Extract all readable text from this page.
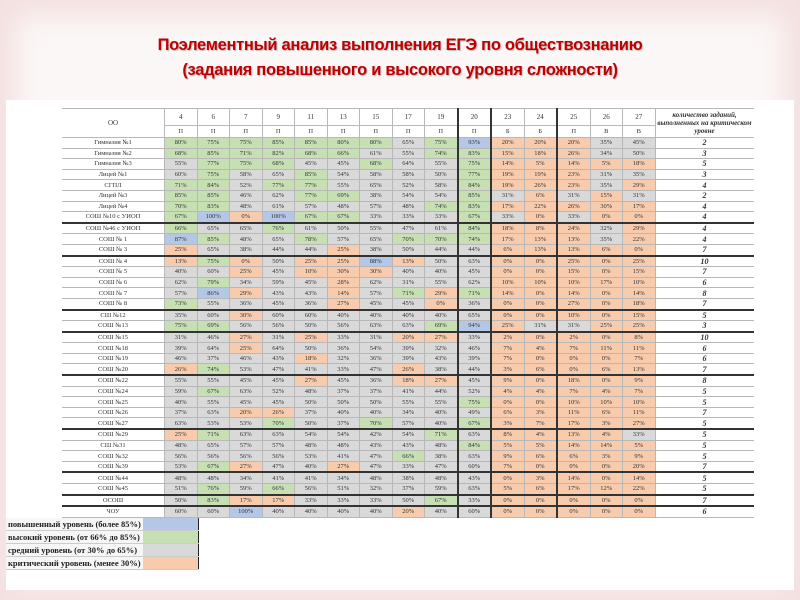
Поэлементный анализ выполнения ЕГЭ по обществознанию
(задания повышенного и высокого уровня сложности)
ОО	4	6	7	9	11	13	15	17	19	20	23	24	25	26	27	количество заданий, выполненных на критическом уровне
	П	П	П	П	П	П	П	П	П	П	Б	Б	П	В	В	
Гимназия №1	80%	75%	75%	85%	85%	80%	80%	65%	75%	93%	20%	20%	20%	35%	45%	2
Гимназия №2	68%	85%	71%	82%	68%	66%	61%	55%	74%	83%	15%	18%	26%	34%	50%	3
Гимназия №3	55%	77%	75%	68%	45%	45%	68%	64%	55%	75%	14%	5%	14%	5%	18%	5
Лицей №1	60%	75%	58%	65%	85%	54%	58%	58%	50%	77%	19%	19%	23%	31%	35%	3
СГПЛ	71%	84%	52%	77%	77%	55%	65%	52%	58%	84%	19%	26%	23%	35%	29%	4
Лицей №3	85%	85%	46%	62%	77%	69%	38%	54%	54%	85%	31%	6%	31%	15%	31%	2
Лицей №4	70%	83%	48%	61%	57%	48%	57%	48%	74%	83%	17%	22%	26%	30%	17%	4
СОШ №10 с УИОП	67%	100%	0%	100%	67%	67%	33%	33%	33%	67%	33%	0%	33%	0%	0%	4
СОШ №46 с УИОП	66%	65%	65%	76%	61%	50%	55%	47%	61%	84%	18%	8%	24%	32%	29%	4
СОШ № 1	87%	85%	48%	65%	78%	57%	65%	70%	70%	74%	17%	13%	13%	35%	22%	4
СОШ № 3	25%	65%	38%	44%	44%	25%	38%	50%	44%	44%	6%	13%	13%	6%	0%	7
СОШ № 4	13%	75%	0%	50%	25%	25%	88%	13%	50%	63%	0%	0%	25%	0%	25%	10
СОШ № 5	40%	60%	25%	45%	10%	30%	30%	40%	40%	45%	0%	0%	15%	0%	15%	7
СОШ № 6	62%	79%	34%	59%	45%	28%	62%	31%	55%	62%	10%	10%	10%	17%	10%	6
СОШ № 7	57%	86%	29%	43%	43%	14%	57%	71%	29%	71%	14%	0%	14%	0%	14%	8
СОШ № 8	73%	55%	36%	45%	36%	27%	45%	45%	0%	36%	0%	0%	27%	0%	18%	7
СШ №12	35%	60%	30%	60%	60%	40%	40%	40%	40%	65%	0%	0%	10%	0%	15%	5
СОШ №13	75%	69%	56%	56%	50%	56%	63%	63%	69%	94%	25%	31%	31%	25%	25%	3
СОШ №15	31%	46%	27%	31%	25%	33%	31%	20%	27%	33%	2%	0%	2%	0%	8%	10
СОШ №18	39%	64%	25%	64%	50%	36%	54%	39%	32%	46%	7%	4%	7%	11%	11%	6
СОШ №19	46%	37%	46%	43%	18%	32%	36%	39%	43%	39%	7%	0%	0%	0%	7%	6
СОШ №20	26%	74%	53%	47%	41%	33%	47%	26%	38%	44%	3%	6%	0%	6%	13%	7
СОШ №22	55%	55%	45%	45%	27%	45%	36%	18%	27%	45%	9%	0%	18%	0%	9%	8
СОШ №24	59%	67%	63%	52%	48%	37%	37%	41%	44%	52%	4%	4%	7%	4%	7%	5
СОШ №25	40%	55%	45%	45%	50%	50%	50%	55%	55%	75%	0%	0%	10%	10%	10%	5
СОШ №26	37%	63%	20%	26%	37%	40%	40%	34%	40%	49%	6%	3%	11%	6%	11%	7
СОШ №27	63%	53%	53%	70%	50%	37%	70%	57%	40%	67%	3%	7%	17%	3%	27%	5
СОШ №29	25%	71%	63%	63%	54%	54%	42%	54%	71%	63%	8%	4%	13%	4%	33%	5
СШ №31	48%	65%	57%	57%	48%	48%	43%	43%	48%	84%	5%	5%	14%	14%	5%	5
СОШ №32	56%	56%	56%	56%	53%	41%	47%	66%	38%	63%	9%	6%	6%	3%	9%	5
СОШ №39	53%	67%	27%	47%	40%	27%	47%	33%	47%	60%	7%	0%	0%	0%	20%	7
СОШ №44	48%	48%	34%	41%	41%	34%	48%	38%	48%	43%	0%	3%	14%	0%	14%	5
СОШ №45	51%	76%	59%	66%	56%	51%	32%	37%	59%	63%	5%	6%	17%	12%	22%	5
ОСОШ	50%	83%	17%	17%	33%	33%	33%	50%	67%	33%	0%	0%	0%	0%	0%	7
ЧОУ	60%	60%	100%	40%	40%	40%	40%	20%	40%	60%	0%	0%	0%	0%	0%	6
повышенный уровень (более 85%)	
высокий уровень (от 66% до 85%)	
средний уровень (от 30% до 65%)	
критический уровень (менее 30%)	
